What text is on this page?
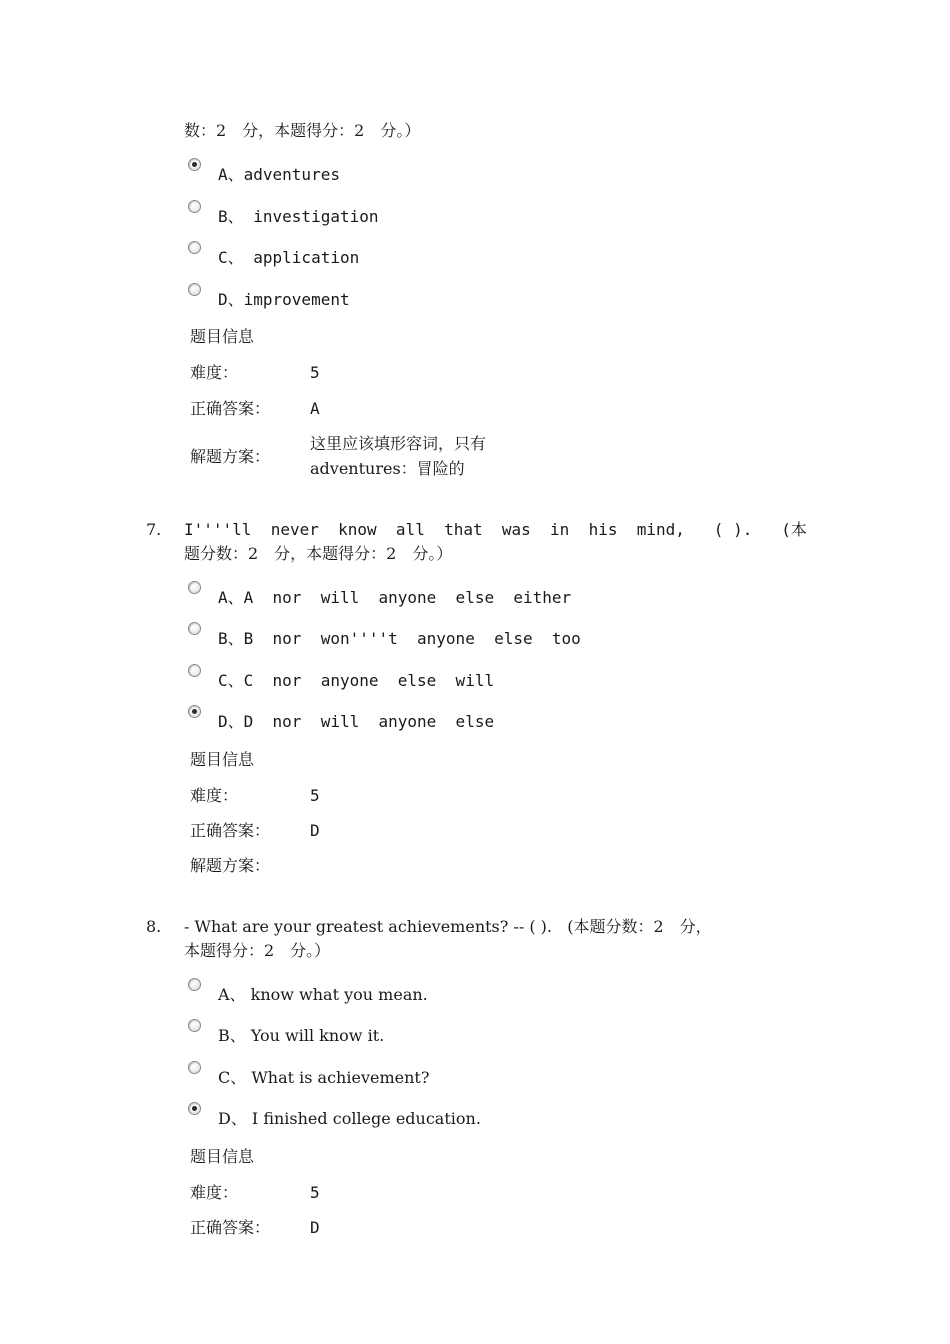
数：2　分，本题得分：2　分。）
A、adventures
B、 investigation
C、 application
D、improvement
题目信息
难度：	5
正确答案： A
解题方案：
这里应该填形容词，只有
adventures：冒险的
7. I''''ll  never  know  all  that  was  in  his  mind,   ( ).   (本
题分数：2　分，本题得分：2　分。）
A、A  nor  will  anyone  else  either
B、B  nor  won''''t  anyone  else  too
C、C  nor  anyone  else  will
D、D  nor  will  anyone  else
题目信息
难度：	5
正确答案： D
解题方案：
8. - What are your greatest achievements? -- ( ).   (本题分数：2　分，
本题得分：2　分。）
A、 know what you mean.
B、 You will know it.
C、 What is achievement?
D、 I finished college education.
题目信息
难度：	5
正确答案： D
